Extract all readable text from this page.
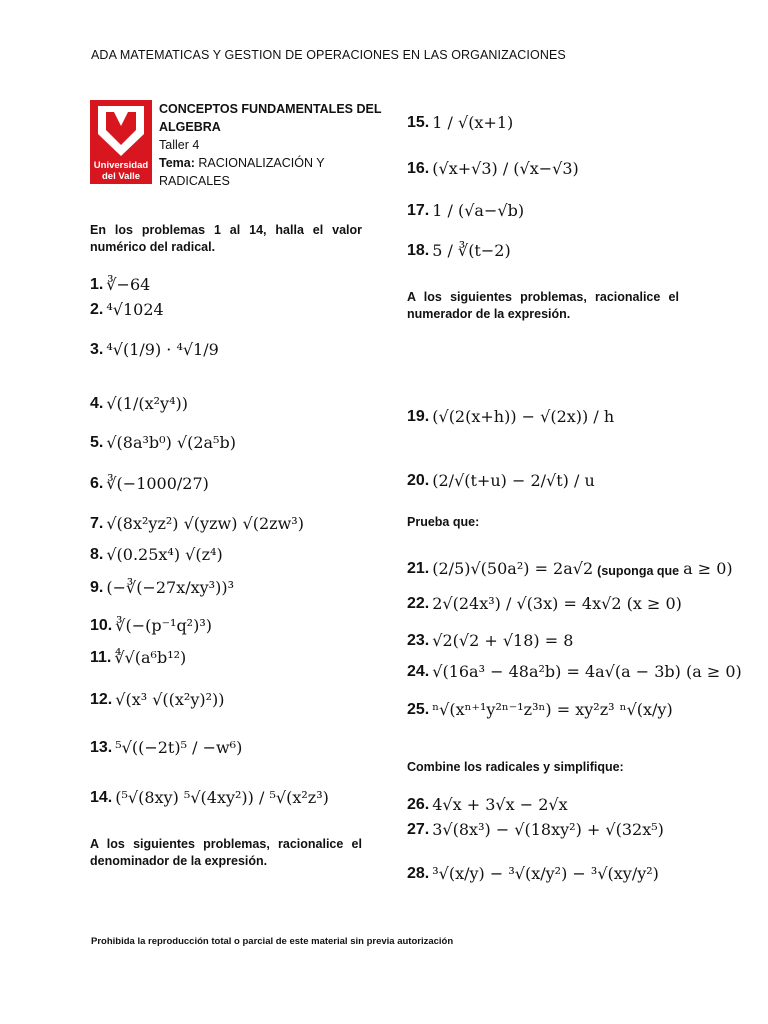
ADA MATEMATICAS Y GESTION DE OPERACIONES EN LAS ORGANIZACIONES
Universidad
del Valle
CONCEPTOS FUNDAMENTALES DEL
ALGEBRA
Taller 4
Tema: RACIONALIZACIÓN Y
RADICALES
En los problemas 1 al 14, halla el valor numérico del radical.
1. ∛−64
2. ⁴√1024
3. ⁴√(1/9) · ⁴√1/9
4. √(1/(x²y⁴))
5. √(8a³b⁰) √(2a⁵b)
6. ∛(−1000/27)
7. √(8x²yz²) √(yzw) √(2zw³)
8. √(0.25x⁴) √(z⁴)
9. (−∛(−27x/xy³))³
10. ∛(−(p⁻¹q²)³)
11. ∜√(a⁶b¹²)
12. √(x³ √((x²y)²))
13. ⁵√((−2t)⁵ / −w⁶)
14. (⁵√(8xy) ⁵√(4xy²)) / ⁵√(x²z³)
A los siguientes problemas, racionalice el denominador de la expresión.
15. 1 / √(x+1)
16. (√x+√3) / (√x−√3)
17. 1 / (√a−√b)
18. 5 / ∛(t−2)
A los siguientes problemas, racionalice el numerador de la expresión.
19. (√(2(x+h)) − √(2x)) / h
20. (2/√(t+u) − 2/√t) / u
Prueba que:
21. (2/5)√(50a²) = 2a√2 (suponga que a ≥ 0)
22. 2√(24x³) / √(3x) = 4x√2 (x ≥ 0)
23. √2(√2 + √18) = 8
24. √(16a³ − 48a²b) = 4a√(a − 3b) (a ≥ 0)
25. ⁿ√(xⁿ⁺¹y²ⁿ⁻¹z³ⁿ) = xy²z³ ⁿ√(x/y)
Combine los radicales y simplifique:
26. 4√x + 3√x − 2√x
27. 3√(8x³) − √(18xy²) + √(32x⁵)
28. ³√(x/y) − ³√(x/y²) − ³√(xy/y²)
Prohibida la reproducción total o parcial de este material sin previa autorización
